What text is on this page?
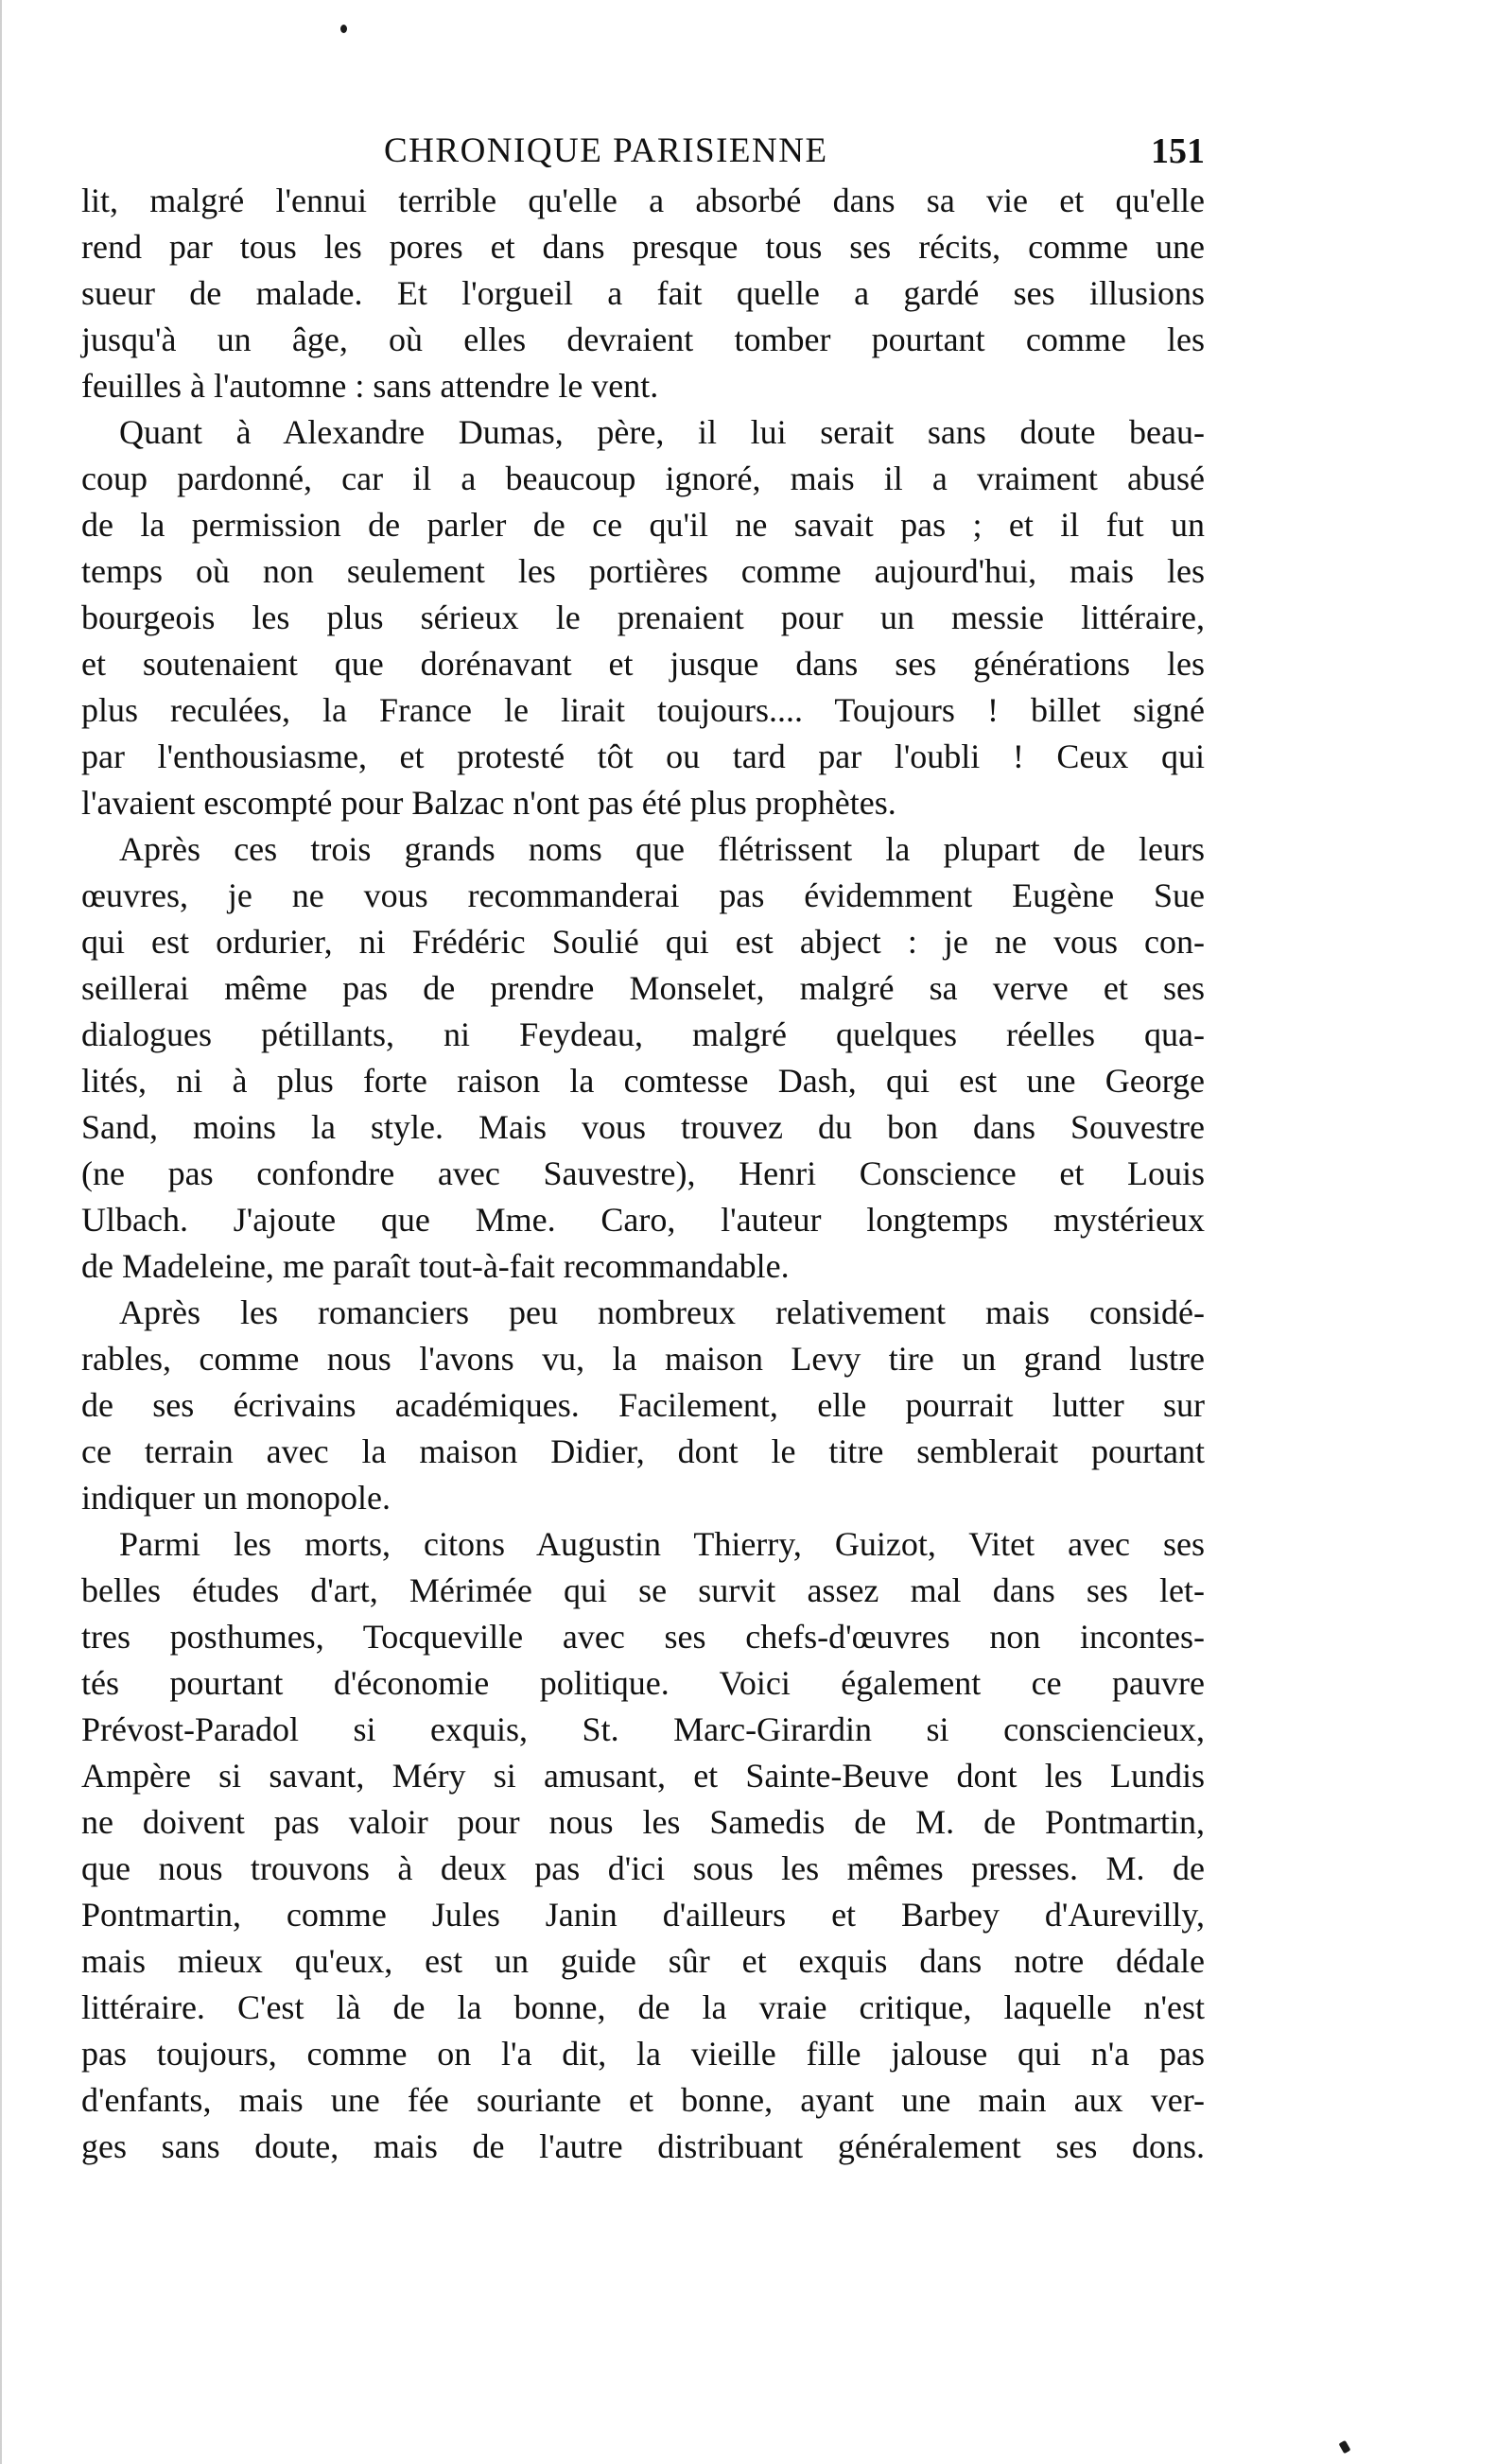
CHRONIQUE PARISIENNE	151
lit, malgré l'ennui terrible qu'elle a absorbé dans sa vie et qu'elle
rend par tous les pores et dans presque tous ses récits, comme une
sueur de malade. Et l'orgueil a fait quelle a gardé ses illusions
jusqu'à un âge, où elles devraient tomber pourtant comme les
feuilles à l'automne : sans attendre le vent.
Quant à Alexandre Dumas, père, il lui serait sans doute beau-
coup pardonné, car il a beaucoup ignoré, mais il a vraiment abusé
de la permission de parler de ce qu'il ne savait pas ; et il fut un
temps où non seulement les portières comme aujourd'hui, mais les
bourgeois les plus sérieux le prenaient pour un messie littéraire,
et soutenaient que dorénavant et jusque dans ses générations les
plus reculées, la France le lirait toujours.... Toujours ! billet signé
par l'enthousiasme, et protesté tôt ou tard par l'oubli ! Ceux qui
l'avaient escompté pour Balzac n'ont pas été plus prophètes.
Après ces trois grands noms que flétrissent la plupart de leurs
œuvres, je ne vous recommanderai pas évidemment Eugène Sue
qui est ordurier, ni Frédéric Soulié qui est abject : je ne vous con-
seillerai même pas de prendre Monselet, malgré sa verve et ses
dialogues pétillants, ni Feydeau, malgré quelques réelles qua-
lités, ni à plus forte raison la comtesse Dash, qui est une George
Sand, moins la style. Mais vous trouvez du bon dans Souvestre
(ne pas confondre avec Sauvestre), Henri Conscience et Louis
Ulbach. J'ajoute que Mme. Caro, l'auteur longtemps mystérieux
de Madeleine, me paraît tout-à-fait recommandable.
Après les romanciers peu nombreux relativement mais considé-
rables, comme nous l'avons vu, la maison Levy tire un grand lustre
de ses écrivains académiques. Facilement, elle pourrait lutter sur
ce terrain avec la maison Didier, dont le titre semblerait pourtant
indiquer un monopole.
Parmi les morts, citons Augustin Thierry, Guizot, Vitet avec ses
belles études d'art, Mérimée qui se survit assez mal dans ses let-
tres posthumes, Tocqueville avec ses chefs-d'œuvres non incontes-
tés pourtant d'économie politique. Voici également ce pauvre
Prévost-Paradol si exquis, St. Marc-Girardin si consciencieux,
Ampère si savant, Méry si amusant, et Sainte-Beuve dont les Lundis
ne doivent pas valoir pour nous les Samedis de M. de Pontmartin,
que nous trouvons à deux pas d'ici sous les mêmes presses. M. de
Pontmartin, comme Jules Janin d'ailleurs et Barbey d'Aurevilly,
mais mieux qu'eux, est un guide sûr et exquis dans notre dédale
littéraire. C'est là de la bonne, de la vraie critique, laquelle n'est
pas toujours, comme on l'a dit, la vieille fille jalouse qui n'a pas
d'enfants, mais une fée souriante et bonne, ayant une main aux ver-
ges sans doute, mais de l'autre distribuant généralement ses dons.
